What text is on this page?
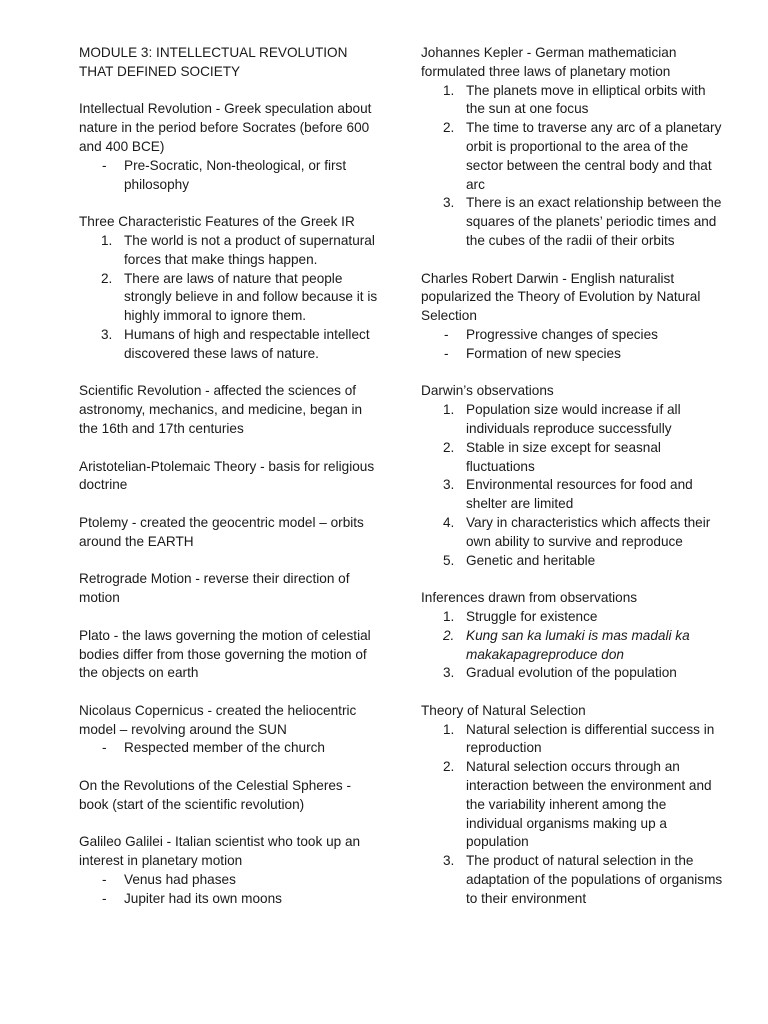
MODULE 3: INTELLECTUAL REVOLUTION
THAT DEFINED SOCIETY

Intellectual Revolution - Greek speculation about nature in the period before Socrates (before 600 and 400 BCE)

- Pre-Socratic, Non-theological, or first philosophy

Three Characteristic Features of the Greek IR

1. The world is not a product of supernatural forces that make things happen.
2. There are laws of nature that people strongly believe in and follow because it is highly immoral to ignore them.
3. Humans of high and respectable intellect discovered these laws of nature.

Scientific Revolution - affected the sciences of astronomy, mechanics, and medicine, began in the 16th and 17th centuries

Aristotelian-Ptolemaic Theory - basis for religious doctrine

Ptolemy - created the geocentric model – orbits around the EARTH

Retrograde Motion - reverse their direction of motion

Plato - the laws governing the motion of celestial bodies differ from those governing the motion of the objects on earth

Nicolaus Copernicus - created the heliocentric model – revolving around the SUN

- Respected member of the church

On the Revolutions of the Celestial Spheres - book (start of the scientific revolution)

Galileo Galilei - Italian scientist who took up an interest in planetary motion

- Venus had phases
- Jupiter had its own moons

Johannes Kepler - German mathematician formulated three laws of planetary motion

1. The planets move in elliptical orbits with the sun at one focus
2. The time to traverse any arc of a planetary orbit is proportional to the area of the sector between the central body and that arc
3. There is an exact relationship between the squares of the planets’ periodic times and the cubes of the radii of their orbits

Charles Robert Darwin - English naturalist popularized the Theory of Evolution by Natural Selection

- Progressive changes of species
- Formation of new species

Darwin’s observations

1. Population size would increase if all individuals reproduce successfully
2. Stable in size except for seasnal fluctuations
3. Environmental resources for food and shelter are limited
4. Vary in characteristics which affects their own ability to survive and reproduce
5. Genetic and heritable

Inferences drawn from observations

1. Struggle for existence
2. Kung san ka lumaki is mas madali ka makakapagreproduce don
3. Gradual evolution of the population

Theory of Natural Selection

1. Natural selection is differential success in reproduction
2. Natural selection occurs through an interaction between the environment and the variability inherent among the individual organisms making up a population
3. The product of natural selection in the adaptation of the populations of organisms to their environment
